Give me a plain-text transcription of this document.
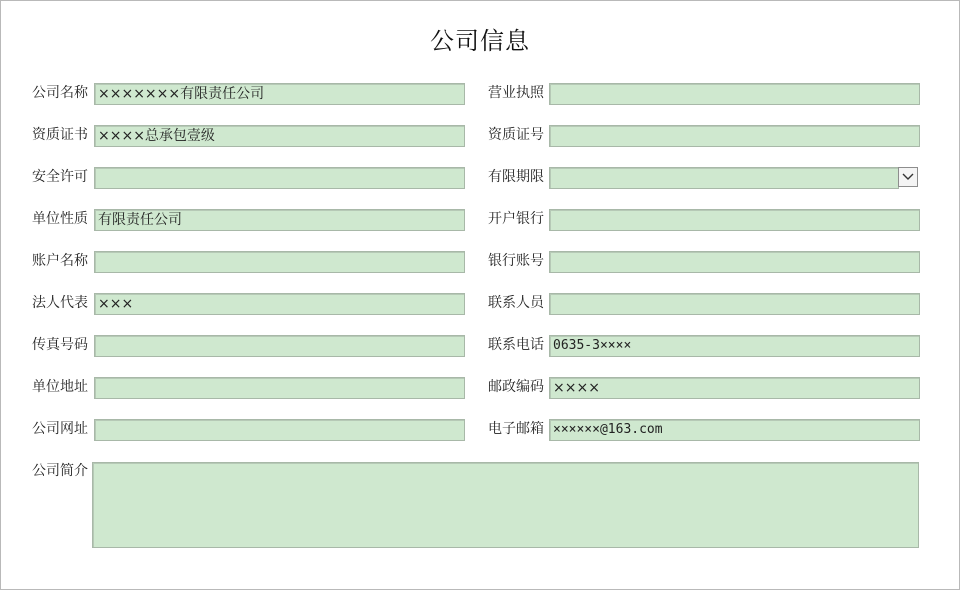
公司信息
公司名称 ×××××××有限责任公司	营业执照
资质证书 ××××总承包壹级	资质证号
安全许可	有限期限
单位性质 有限责任公司	开户银行
账户名称	银行账号
法人代表 ×××	联系人员
传真号码	联系电话 0635-3××××
单位地址	邮政编码 ××××
公司网址	电子邮箱 ××××××@163.com
公司简介
